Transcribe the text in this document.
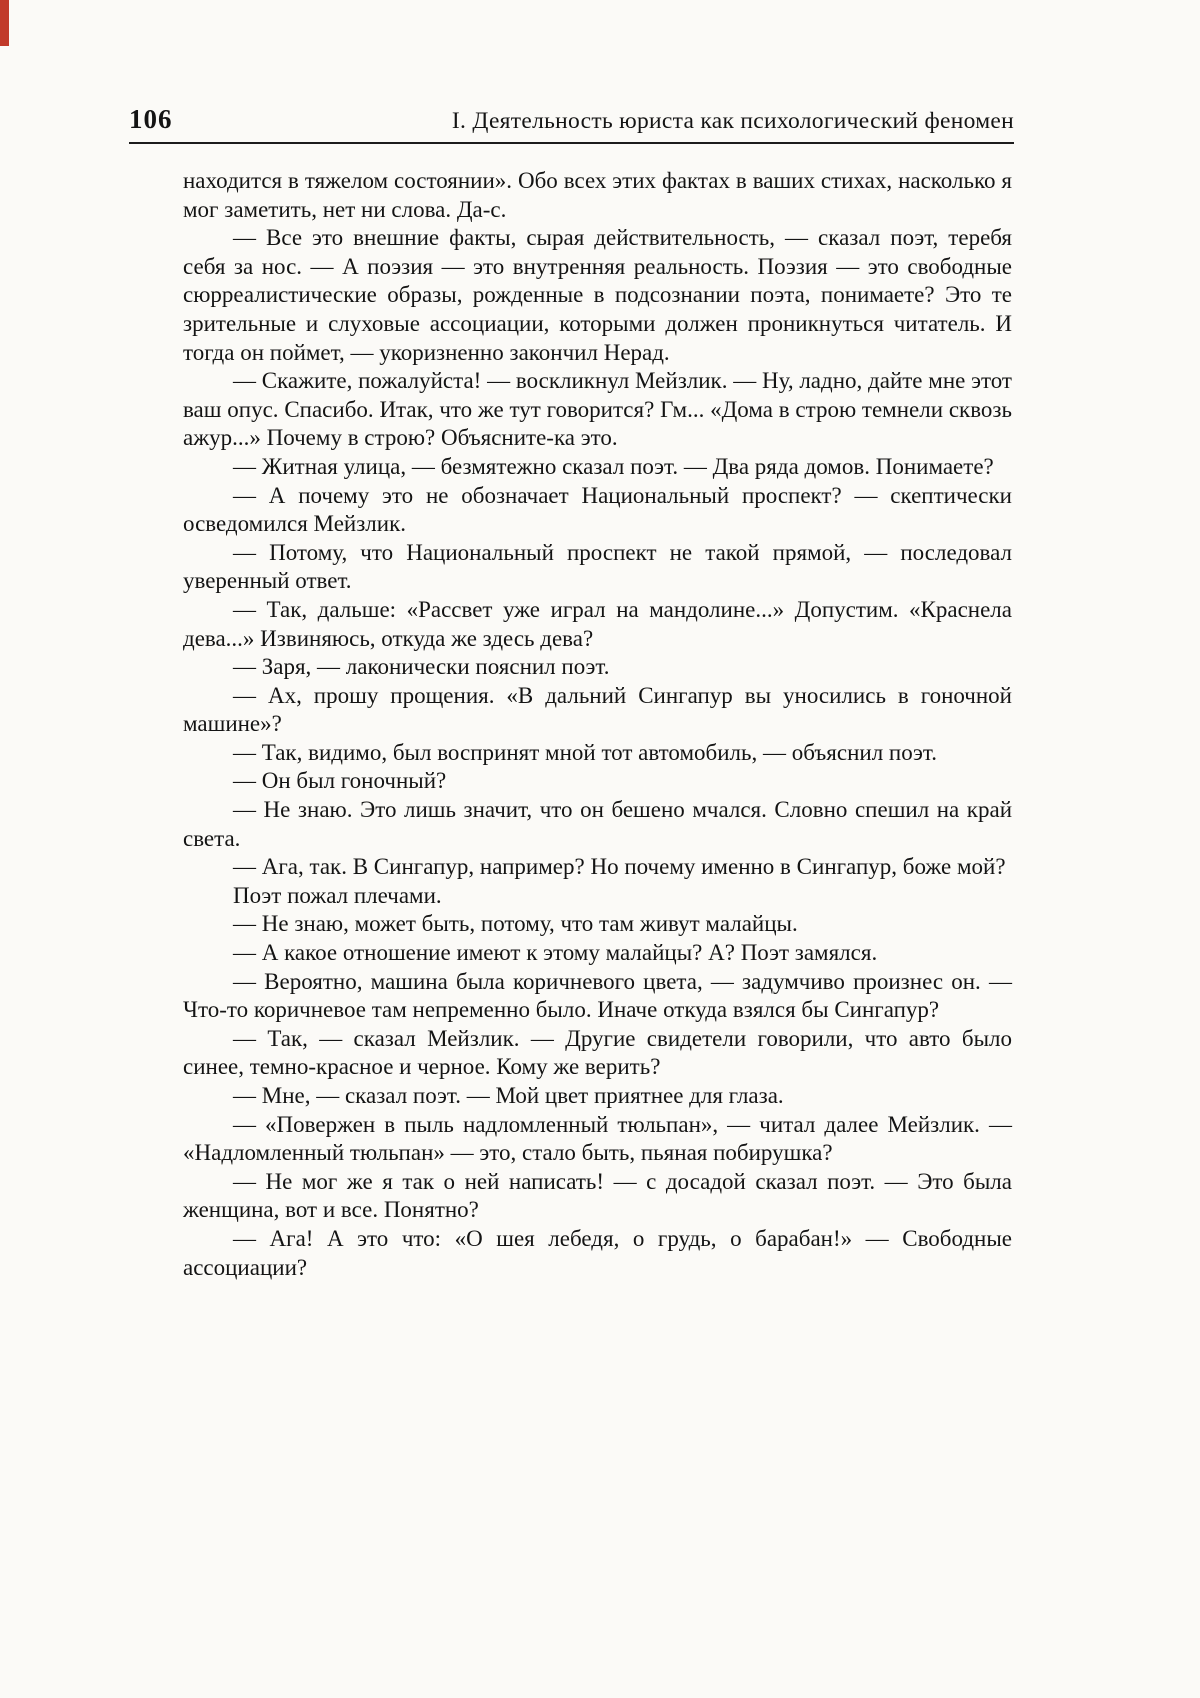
106	I. Деятельность юриста как психологический феномен

находится в тяжелом состоянии». Обо всех этих фактах в ваших стихах, насколько я мог заметить, нет ни слова. Да-с.

— Все это внешние факты, сырая действительность, — сказал поэт, теребя себя за нос. — А поэзия — это внутренняя реальность. Поэзия — это свободные сюрреалистические образы, рожденные в подсознании поэта, понимаете? Это те зрительные и слуховые ассоциации, которыми должен проникнуться читатель. И тогда он поймет, — укоризненно закончил Нерад.

— Скажите, пожалуйста! — воскликнул Мейзлик. — Ну, ладно, дайте мне этот ваш опус. Спасибо. Итак, что же тут говорится? Гм... «Дома в строю темнели сквозь ажур...» Почему в строю? Объясните-ка это.

— Житная улица, — безмятежно сказал поэт. — Два ряда домов. Понимаете?

— А почему это не обозначает Национальный проспект? — скептически осведомился Мейзлик.

— Потому, что Национальный проспект не такой прямой, — последовал уверенный ответ.

— Так, дальше: «Рассвет уже играл на мандолине...» Допустим. «Краснела дева...» Извиняюсь, откуда же здесь дева?

— Заря, — лаконически пояснил поэт.

— Ах, прошу прощения. «В дальний Сингапур вы уносились в гоночной машине»?

— Так, видимо, был воспринят мной тот автомобиль, — объяснил поэт.

— Он был гоночный?

— Не знаю. Это лишь значит, что он бешено мчался. Словно спешил на край света.

— Ага, так. В Сингапур, например? Но почему именно в Сингапур, боже мой?

Поэт пожал плечами.

— Не знаю, может быть, потому, что там живут малайцы.

— А какое отношение имеют к этому малайцы? А? Поэт замялся.

— Вероятно, машина была коричневого цвета, — задумчиво произнес он. — Что-то коричневое там непременно было. Иначе откуда взялся бы Сингапур?

— Так, — сказал Мейзлик. — Другие свидетели говорили, что авто было синее, темно-красное и черное. Кому же верить?

— Мне, — сказал поэт. — Мой цвет приятнее для глаза.

— «Повержен в пыль надломленный тюльпан», — читал далее Мейзлик. — «Надломленный тюльпан» — это, стало быть, пьяная побирушка?

— Не мог же я так о ней написать! — с досадой сказал поэт. — Это была женщина, вот и все. Понятно?

— Ага! А это что: «О шея лебедя, о грудь, о барабан!» — Свободные ассоциации?
